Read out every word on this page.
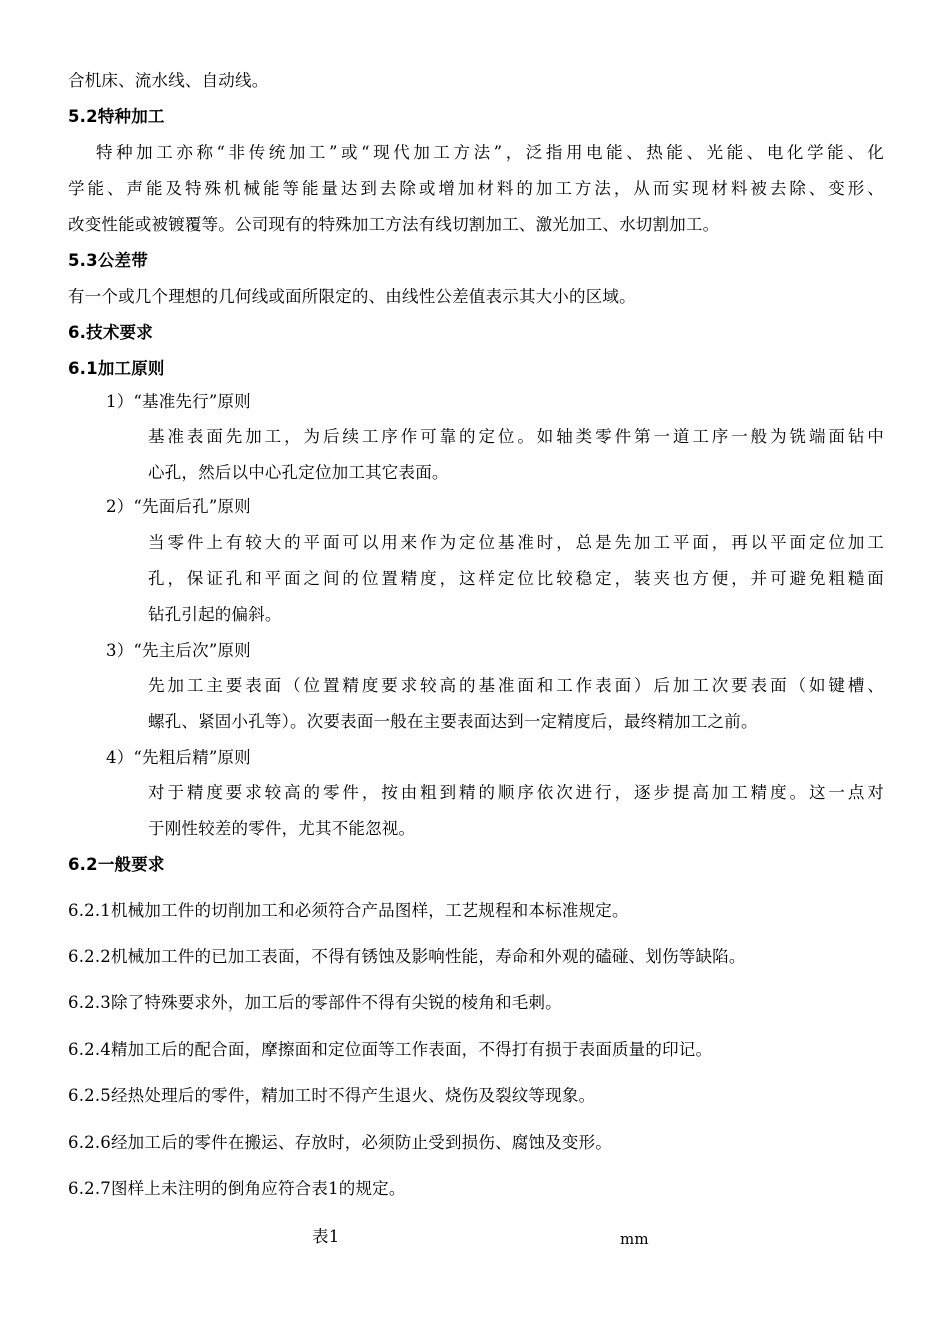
合机床、流水线、自动线。
5.2特种加工
特种加工亦称“非传统加工”或“现代加工方法”，泛指用电能、热能、光能、电化学能、化
学能、声能及特殊机械能等能量达到去除或增加材料的加工方法，从而实现材料被去除、变形、
改变性能或被镀覆等。公司现有的特殊加工方法有线切割加工、激光加工、水切割加工。
5.3公差带
有一个或几个理想的几何线或面所限定的、由线性公差值表示其大小的区域。
6.技术要求
6.1加工原则
1）“基准先行”原则
基准表面先加工，为后续工序作可靠的定位。如轴类零件第一道工序一般为铣端面钻中
心孔，然后以中心孔定位加工其它表面。
2）“先面后孔”原则
当零件上有较大的平面可以用来作为定位基准时，总是先加工平面，再以平面定位加工
孔，保证孔和平面之间的位置精度，这样定位比较稳定，装夹也方便，并可避免粗糙面
钻孔引起的偏斜。
3）“先主后次”原则
先加工主要表面（位置精度要求较高的基准面和工作表面）后加工次要表面（如键槽、
螺孔、紧固小孔等）。次要表面一般在主要表面达到一定精度后，最终精加工之前。
4）“先粗后精”原则
对于精度要求较高的零件，按由粗到精的顺序依次进行，逐步提高加工精度。这一点对
于刚性较差的零件，尤其不能忽视。
6.2一般要求
6.2.1机械加工件的切削加工和必须符合产品图样，工艺规程和本标准规定。
6.2.2机械加工件的已加工表面，不得有锈蚀及影响性能，寿命和外观的磕碰、划伤等缺陷。
6.2.3除了特殊要求外，加工后的零部件不得有尖锐的棱角和毛刺。
6.2.4精加工后的配合面，摩擦面和定位面等工作表面，不得打有损于表面质量的印记。
6.2.5经热处理后的零件，精加工时不得产生退火、烧伤及裂纹等现象。
6.2.6经加工后的零件在搬运、存放时，必须防止受到损伤、腐蚀及变形。
6.2.7图样上未注明的倒角应符合表1的规定。
表1	mm
